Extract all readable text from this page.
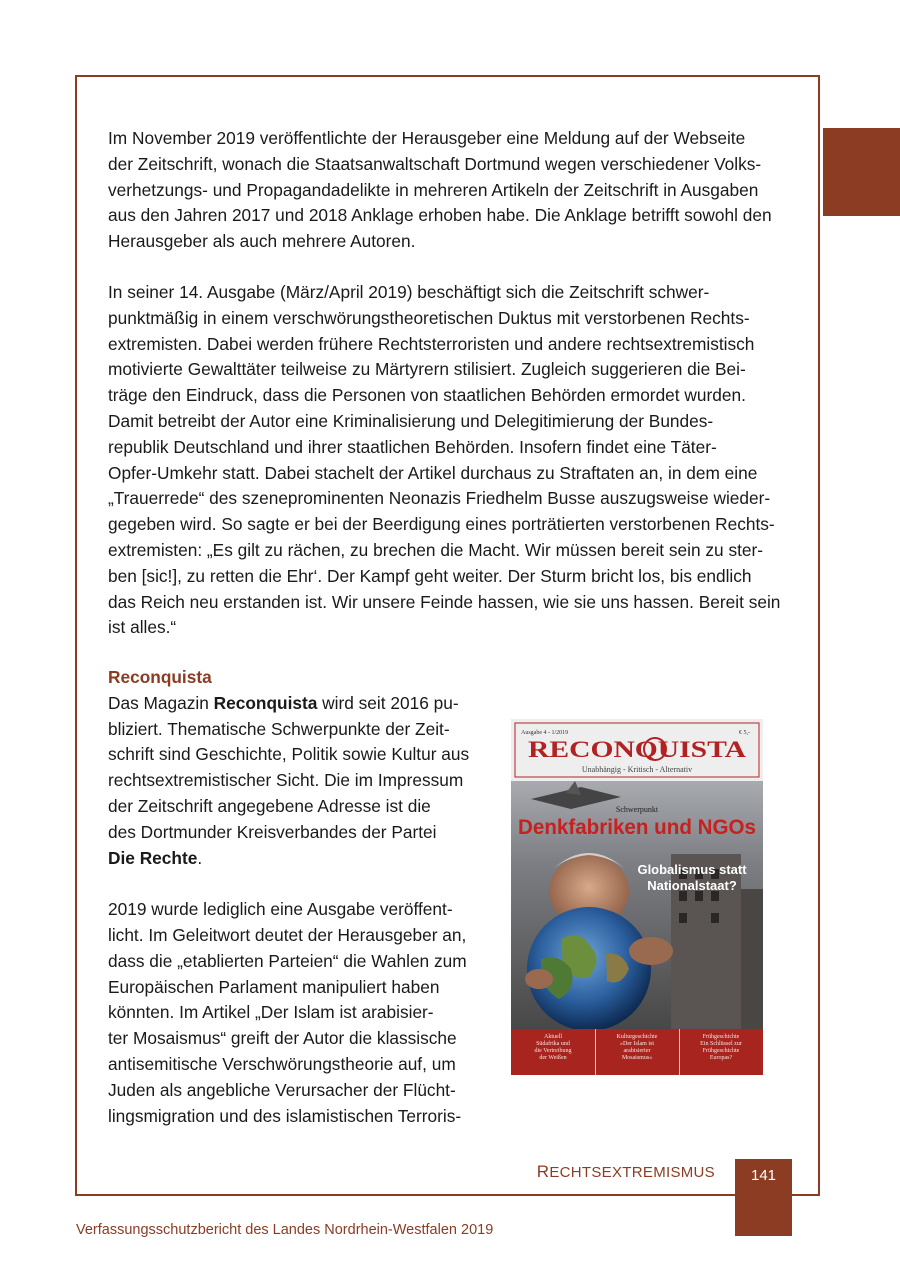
Im November 2019 veröffentlichte der Herausgeber eine Meldung auf der Webseite

der Zeitschrift, wonach die Staatsanwaltschaft Dortmund wegen verschiedener Volks-

verhetzungs- und Propagandadelikte in mehreren Artikeln der Zeitschrift in Ausgaben

aus den Jahren 2017 und 2018 Anklage erhoben habe. Die Anklage betrifft sowohl den

Herausgeber als auch mehrere Autoren.

In seiner 14. Ausgabe (März/April 2019) beschäftigt sich die Zeitschrift schwer-

punktmäßig in einem verschwörungstheoretischen Duktus mit verstorbenen Rechts-

extremisten. Dabei werden frühere Rechtsterroristen und andere rechtsextremistisch

motivierte Gewalttäter teilweise zu Märtyrern stilisiert. Zugleich suggerieren die Bei-

träge den Eindruck, dass die Personen von staatlichen Behörden ermordet wurden.

Damit betreibt der Autor eine Kriminalisierung und Delegitimierung der Bundes-

republik Deutschland und ihrer staatlichen Behörden. Insofern findet eine Täter-

Opfer-Umkehr statt. Dabei stachelt der Artikel durchaus zu Straftaten an, in dem eine

„Trauerrede“ des szeneprominenten Neonazis Friedhelm Busse auszugsweise wieder-

gegeben wird. So sagte er bei der Beerdigung eines porträtierten verstorbenen Rechts-

extremisten: „Es gilt zu rächen, zu brechen die Macht. Wir müssen bereit sein zu ster-

ben [sic!], zu retten die Ehr‘. Der Kampf geht weiter. Der Sturm bricht los, bis endlich

das Reich neu erstanden ist. Wir unsere Feinde hassen, wie sie uns hassen. Bereit sein

ist alles.“

Reconquista

Das Magazin Reconquista wird seit 2016 pu-

bliziert. Thematische Schwerpunkte der Zeit-

schrift sind Geschichte, Politik sowie Kultur aus

rechtsextremistischer Sicht. Die im Impressum

der Zeitschrift angegebene Adresse ist die

des Dortmunder Kreisverbandes der Partei

Die Rechte.

2019 wurde lediglich eine Ausgabe veröffent-

licht. Im Geleitwort deutet der Herausgeber an,

dass die „etablierten Parteien“ die Wahlen zum

Europäischen Parlament manipuliert haben

könnten. Im Artikel „Der Islam ist arabisier-

ter Mosaismus“ greift der Autor die klassische

antisemitische Verschwörungstheorie auf, um

Juden als angebliche Verursacher der Flücht-

lingsmigration und des islamistischen Terroris-

Ausgabe 4 - 1/2019	€ 5,-
RECONQUISTA
Unabhängig - Kritisch - Alternativ
Schwerpunkt
Denkfabriken und NGOs
Globalismus statt
Nationalstaat?
Aktuell
Südafrika und
die Vertreibung
der Weißen
Kulturgeschichte
»Der Islam ist
arabisierter
Mosaismus«
Frühgeschichte
Ein Schlüssel zur
Frühgeschichte
Europas?
RECHTSEXTREMISMUS	141
Verfassungsschutzbericht des Landes Nordrhein-Westfalen 2019
